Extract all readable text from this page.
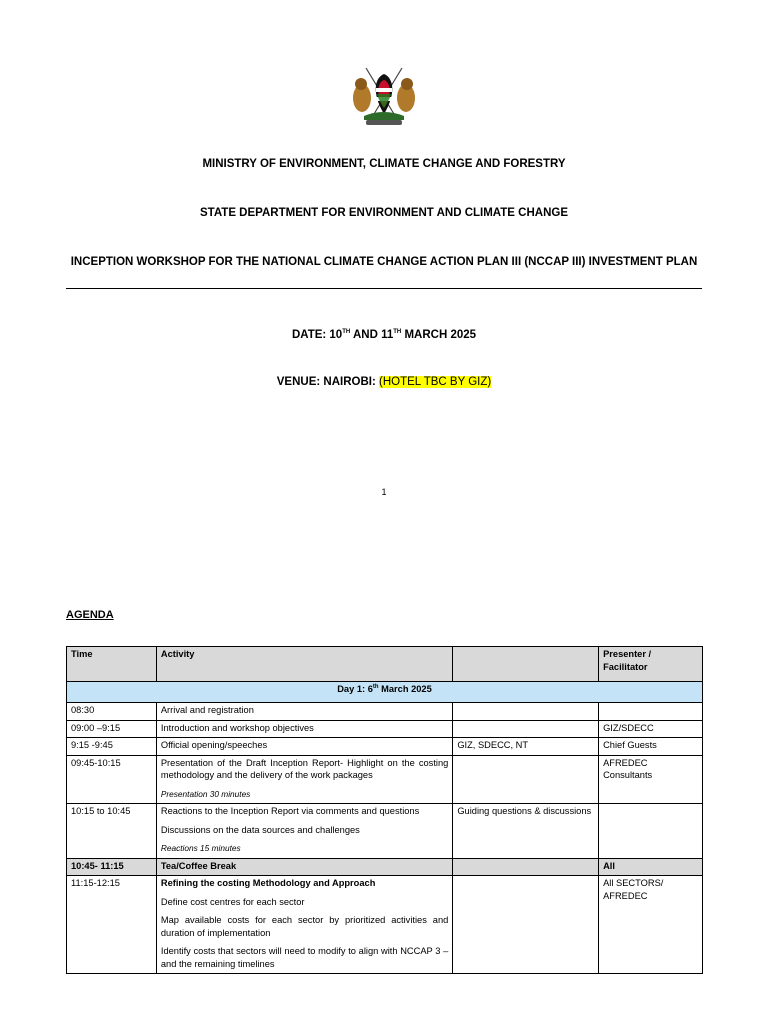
MINISTRY OF ENVIRONMENT, CLIMATE CHANGE AND FORESTRY
STATE DEPARTMENT FOR ENVIRONMENT AND CLIMATE CHANGE
INCEPTION WORKSHOP FOR THE NATIONAL CLIMATE CHANGE ACTION PLAN III (NCCAP III) INVESTMENT PLAN
DATE: 10TH AND 11TH MARCH 2025
VENUE: NAIROBI: (HOTEL TBC BY GIZ)
1
AGENDA
Time	Activity		Presenter / Facilitator
Day 1: 6th March 2025			
08:30	Arrival and registration		
09:00 –9:15	Introduction and workshop objectives		GIZ/SDECC
9:15 -9:45	Official opening/speeches	GIZ, SDECC, NT	Chief Guests
09:45-10:15	Presentation of the Draft Inception Report- Highlight on the costing methodology and the delivery of the work packages

Presentation 30 minutes		AFREDEC Consultants
10:15 to 10:45	Reactions to the Inception Report via comments and questions

Discussions on the data sources and challenges

Reactions 15 minutes	Guiding questions & discussions	
10:45- 11:15	Tea/Coffee Break		All
11:15-12:15	Refining the costing Methodology and Approach

Define cost centres for each sector

Map available costs for each sector by prioritized activities and duration of implementation

Identify costs that sectors will need to modify to align with NCCAP 3 – and the remaining timelines		All SECTORS/ AFREDEC
